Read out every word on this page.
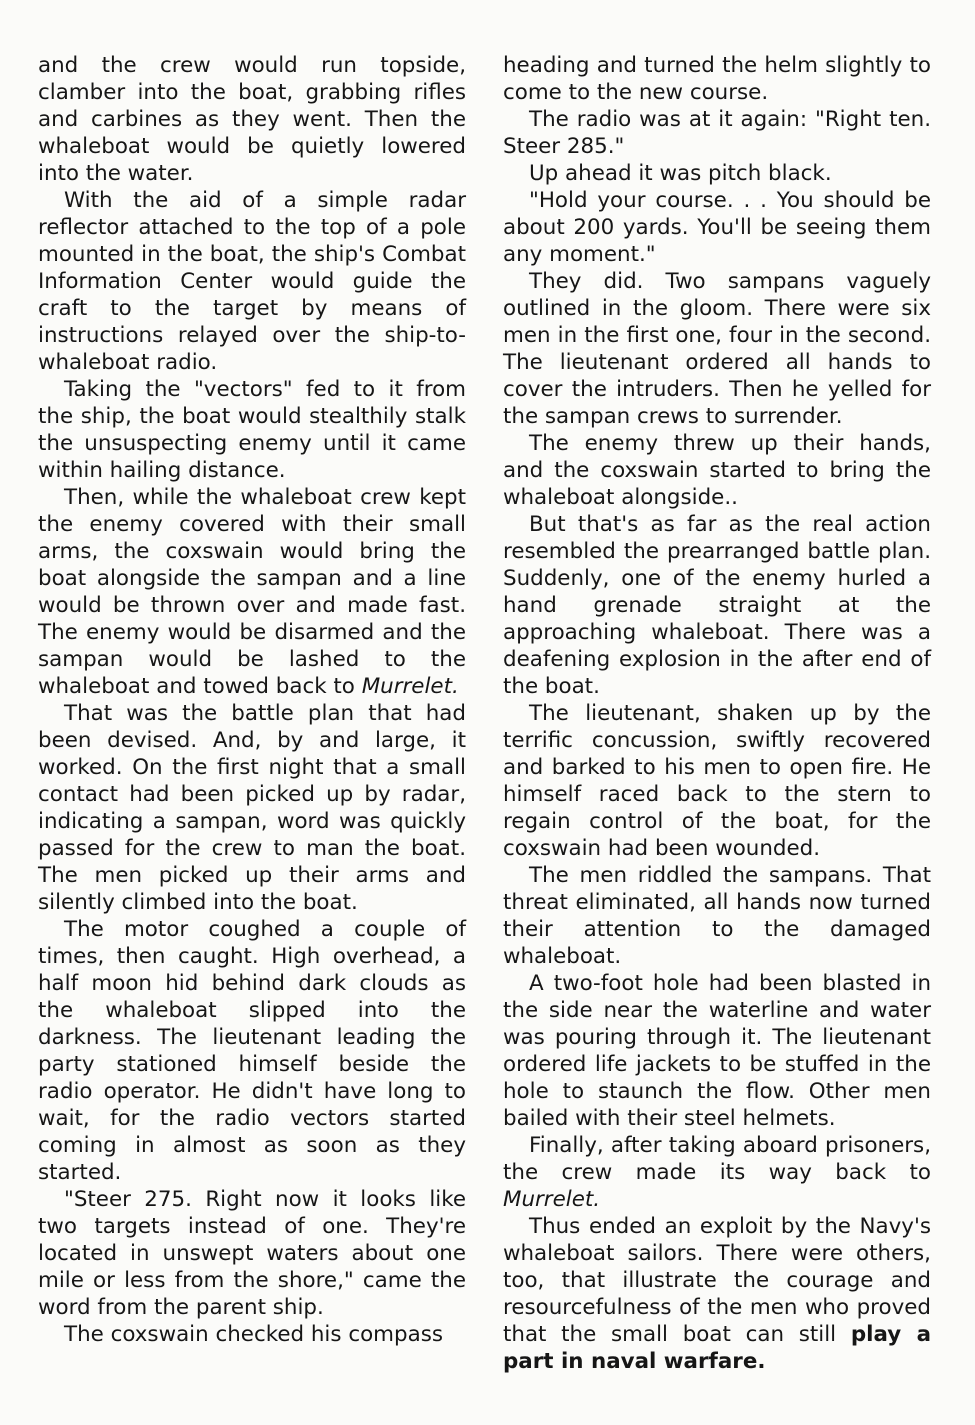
and the crew would run topside, clamber into the boat, grabbing rifles and carbines as they went. Then the whaleboat would be quietly lowered into the water.

With the aid of a simple radar reflector attached to the top of a pole mounted in the boat, the ship's Combat Information Center would guide the craft to the target by means of instructions relayed over the ship-to-whaleboat radio.

Taking the "vectors" fed to it from the ship, the boat would stealthily stalk the unsuspecting enemy until it came within hailing distance.

Then, while the whaleboat crew kept the enemy covered with their small arms, the coxswain would bring the boat alongside the sampan and a line would be thrown over and made fast. The enemy would be disarmed and the sampan would be lashed to the whaleboat and towed back to Murrelet.

That was the battle plan that had been devised. And, by and large, it worked. On the first night that a small contact had been picked up by radar, indicating a sampan, word was quickly passed for the crew to man the boat. The men picked up their arms and silently climbed into the boat.

The motor coughed a couple of times, then caught. High overhead, a half moon hid behind dark clouds as the whaleboat slipped into the darkness. The lieutenant leading the party stationed himself beside the radio operator. He didn't have long to wait, for the radio vectors started coming in almost as soon as they started.

"Steer 275. Right now it looks like two targets instead of one. They're located in unswept waters about one mile or less from the shore," came the word from the parent ship.

The coxswain checked his compass

heading and turned the helm slightly to come to the new course.

The radio was at it again: "Right ten. Steer 285."

Up ahead it was pitch black.

"Hold your course. . . You should be about 200 yards. You'll be seeing them any moment."

They did. Two sampans vaguely outlined in the gloom. There were six men in the first one, four in the second. The lieutenant ordered all hands to cover the intruders. Then he yelled for the sampan crews to surrender.

The enemy threw up their hands, and the coxswain started to bring the whaleboat alongside..

But that's as far as the real action resembled the prearranged battle plan. Suddenly, one of the enemy hurled a hand grenade straight at the approaching whaleboat. There was a deafening explosion in the after end of the boat.

The lieutenant, shaken up by the terrific concussion, swiftly recovered and barked to his men to open fire. He himself raced back to the stern to regain control of the boat, for the coxswain had been wounded.

The men riddled the sampans. That threat eliminated, all hands now turned their attention to the damaged whaleboat.

A two-foot hole had been blasted in the side near the waterline and water was pouring through it. The lieutenant ordered life jackets to be stuffed in the hole to staunch the flow. Other men bailed with their steel helmets.

Finally, after taking aboard prisoners, the crew made its way back to Murrelet.

Thus ended an exploit by the Navy's whaleboat sailors. There were others, too, that illustrate the courage and resourcefulness of the men who proved that the small boat can still play a part in naval warfare.
